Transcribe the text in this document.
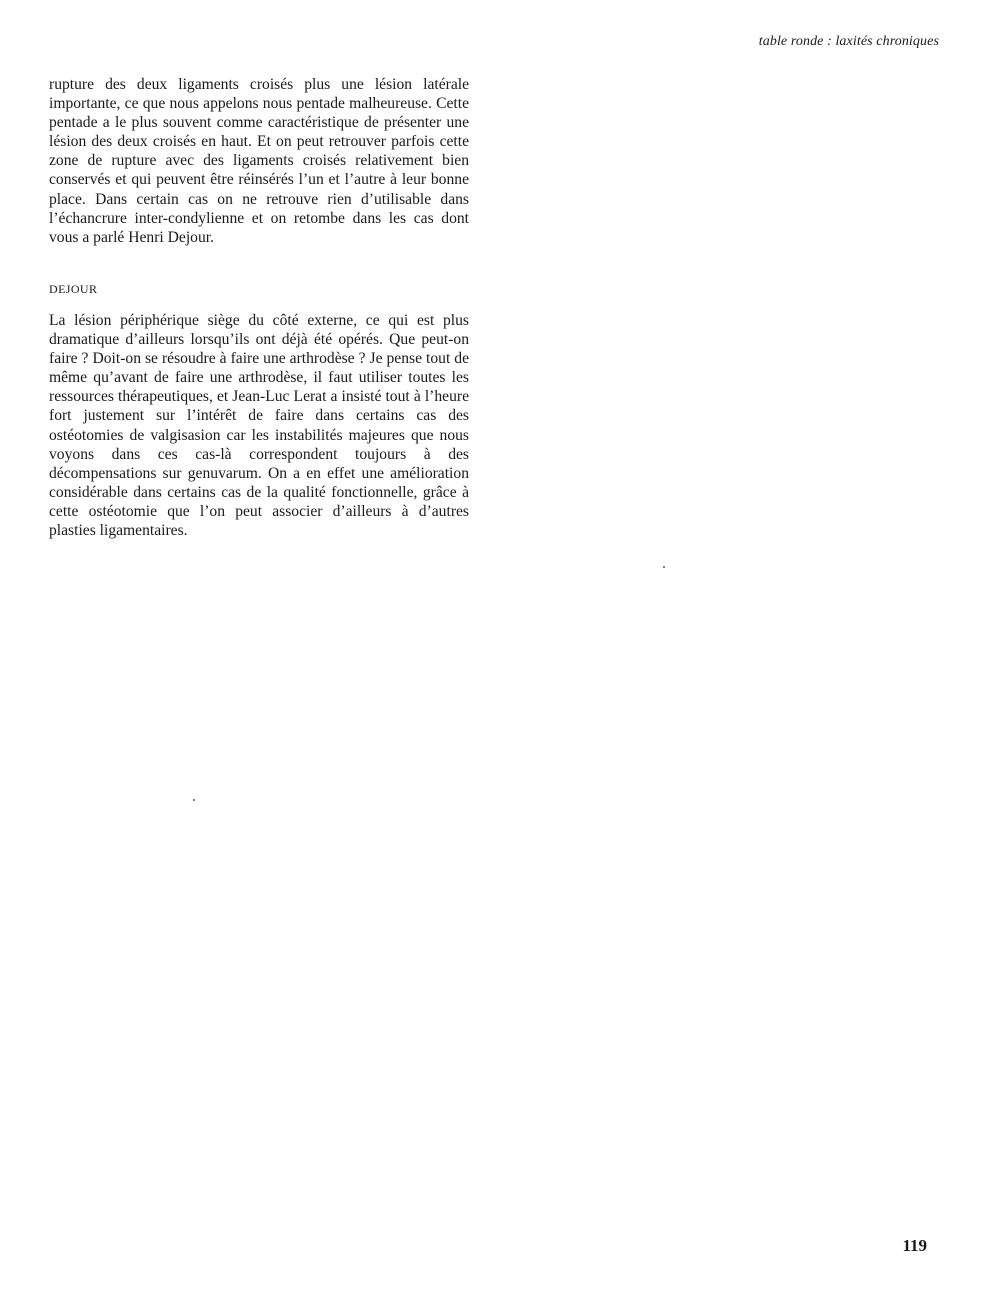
table ronde : laxités chroniques

rupture des deux ligaments croisés plus une lésion latérale importante, ce que nous appelons nous pentade malheureuse. Cette pentade a le plus souvent comme caractéristique de présenter une lésion des deux croisés en haut. Et on peut retrouver parfois cette zone de rupture avec des ligaments croisés relativement bien conservés et qui peuvent être réinsérés l’un et l’autre à leur bonne place. Dans certain cas on ne retrouve rien d’utilisable dans l’échancrure inter-condylienne et on retombe dans les cas dont vous a parlé Henri Dejour.

DEJOUR

La lésion périphérique siège du côté externe, ce qui est plus dramatique d’ailleurs lorsqu’ils ont déjà été opérés. Que peut-on faire ? Doit-on se résoudre à faire une arthrodèse ? Je pense tout de même qu’avant de faire une arthrodèse, il faut utiliser toutes les ressources thérapeutiques, et Jean-Luc Lerat a insisté tout à l’heure fort justement sur l’intérêt de faire dans certains cas des ostéotomies de valgisasion car les instabilités majeures que nous voyons dans ces cas-là correspondent toujours à des décompensations sur genuvarum. On a en effet une amélioration considérable dans certains cas de la qualité fonctionnelle, grâce à cette ostéotomie que l’on peut associer d’ailleurs à d’autres plasties ligamentaires.

119
